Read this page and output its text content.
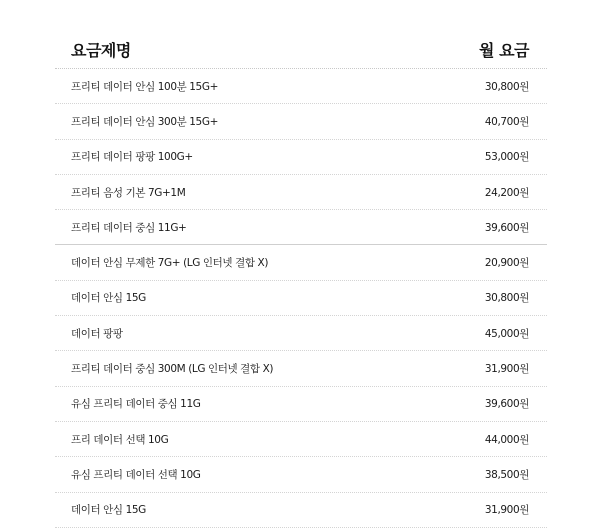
요금제명	월 요금
프리티 데이터 안심 100분 15G+	30,800원
프리티 데이터 안심 300분 15G+	40,700원
프리티 데이터 팡팡 100G+	53,000원
프리티 음성 기본 7G+1M	24,200원
프리티 데이터 중심 11G+	39,600원
데이터 안심 무제한 7G+ (LG 인터넷 결합 X)	20,900원
데이터 안심 15G	30,800원
데이터 팡팡	45,000원
프리티 데이터 중심 300M (LG 인터넷 결합 X)	31,900원
유심 프리티 데이터 중심 11G	39,600원
프리 데이터 선택 10G	44,000원
유심 프리티 데이터 선택 10G	38,500원
데이터 안심 15G	31,900원
